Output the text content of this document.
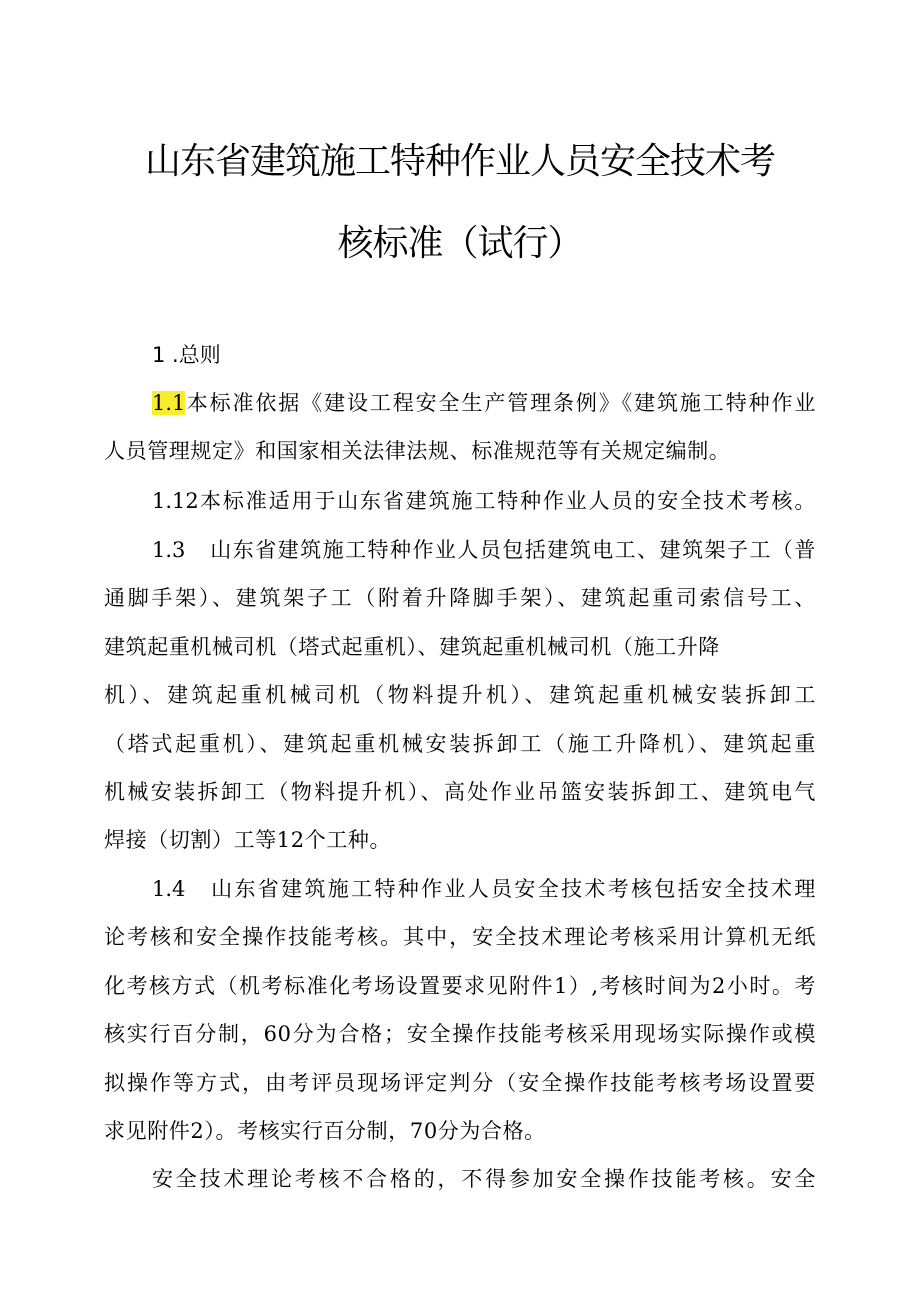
山东省建筑施工特种作业人员安全技术考
核标准（试行）
1 .总则
1.1本标准依据《建设工程安全生产管理条例》《建筑施工特种作业
人员管理规定》和国家相关法律法规、标准规范等有关规定编制。
1.12本标准适用于山东省建筑施工特种作业人员的安全技术考核。
1.3 山东省建筑施工特种作业人员包括建筑电工、建筑架子工（普
通脚手架）、建筑架子工（附着升降脚手架）、建筑起重司索信号工、
建筑起重机械司机（塔式起重机）、建筑起重机械司机（施工升降
机）、建筑起重机械司机（物料提升机）、建筑起重机械安装拆卸工
（塔式起重机）、建筑起重机械安装拆卸工（施工升降机）、建筑起重
机械安装拆卸工（物料提升机）、高处作业吊篮安装拆卸工、建筑电气
焊接（切割）工等12个工种。
1.4 山东省建筑施工特种作业人员安全技术考核包括安全技术理
论考核和安全操作技能考核。其中，安全技术理论考核采用计算机无纸
化考核方式（机考标准化考场设置要求见附件1）,考核时间为2小时。考
核实行百分制，60分为合格；安全操作技能考核采用现场实际操作或模
拟操作等方式，由考评员现场评定判分（安全操作技能考核考场设置要
求见附件2）。考核实行百分制，70分为合格。
安全技术理论考核不合格的，不得参加安全操作技能考核。安全
